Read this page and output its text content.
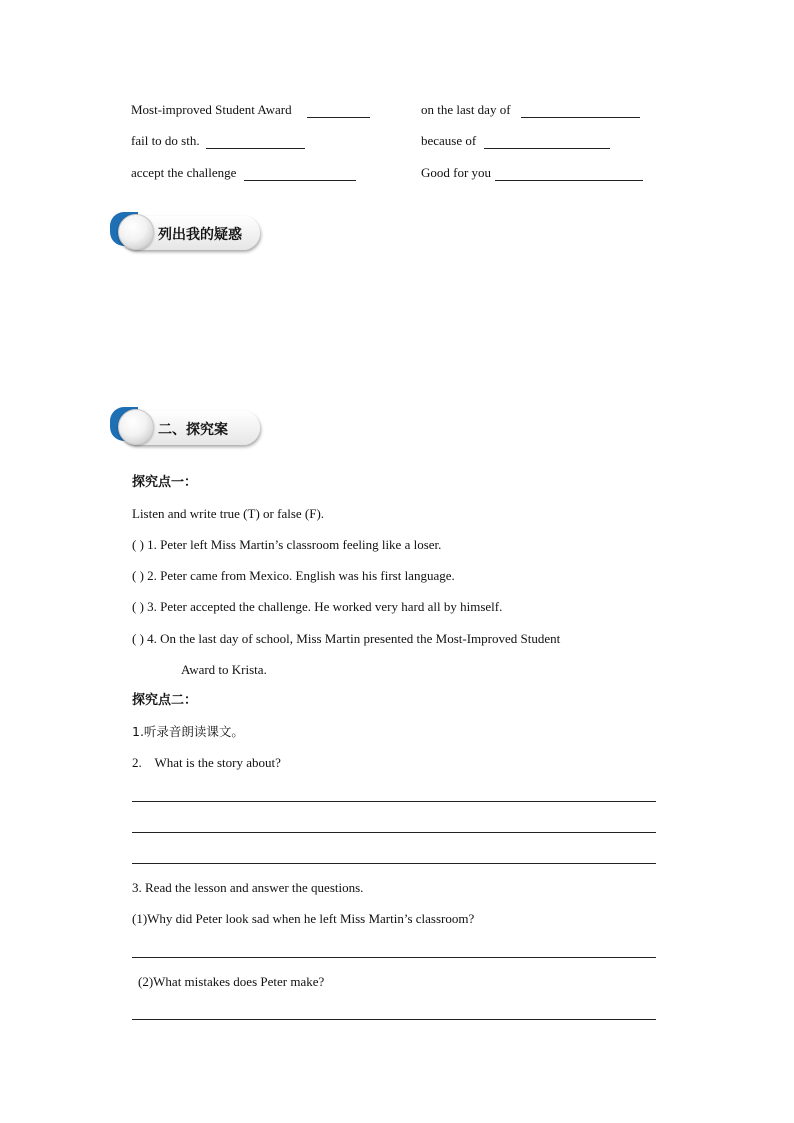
Most-improved Student Award	on the last day of
fail to do sth.	because of
accept the challenge	Good for you
列出我的疑惑
二、探究案
探究点一：
Listen and write true (T) or false (F).
( ) 1. Peter left Miss Martin’s classroom feeling like a loser.
( ) 2. Peter came from Mexico. English was his first language.
( ) 3. Peter accepted the challenge. He worked very hard all by himself.
( ) 4. On the last day of school, Miss Martin presented the Most-Improved Student
Award to Krista.
探究点二：
1.听录音朗读课文。
2.    What is the story about?
3. Read the lesson and answer the questions.
(1)Why did Peter look sad when he left Miss Martin’s classroom?
(2)What mistakes does Peter make?
